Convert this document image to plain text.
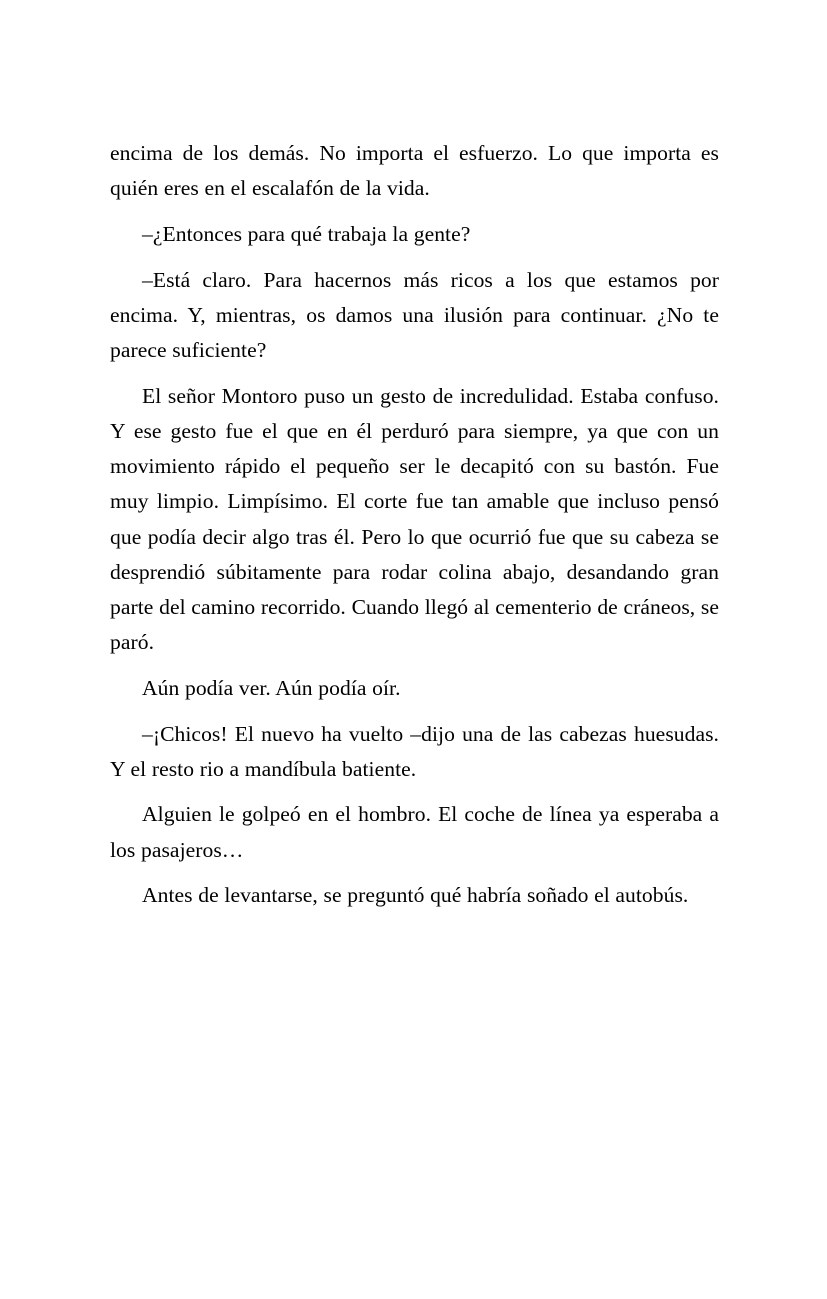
encima de los demás. No importa el esfuerzo. Lo que importa es quién eres en el escalafón de la vida.

–¿Entonces para qué trabaja la gente?

–Está claro. Para hacernos más ricos a los que estamos por encima. Y, mientras, os damos una ilusión para continuar. ¿No te parece suficiente?

El señor Montoro puso un gesto de incredulidad. Estaba confuso. Y ese gesto fue el que en él perduró para siempre, ya que con un movimiento rápido el pequeño ser le decapitó con su bastón. Fue muy limpio. Limpísimo. El corte fue tan amable que incluso pensó que podía decir algo tras él. Pero lo que ocurrió fue que su cabeza se desprendió súbitamente para rodar colina abajo, desandando gran parte del camino recorrido. Cuando llegó al cementerio de cráneos, se paró.

Aún podía ver. Aún podía oír.

–¡Chicos! El nuevo ha vuelto –dijo una de las cabezas huesudas. Y el resto rio a mandíbula batiente.

Alguien le golpeó en el hombro. El coche de línea ya esperaba a los pasajeros…

Antes de levantarse, se preguntó qué habría soñado el autobús.
